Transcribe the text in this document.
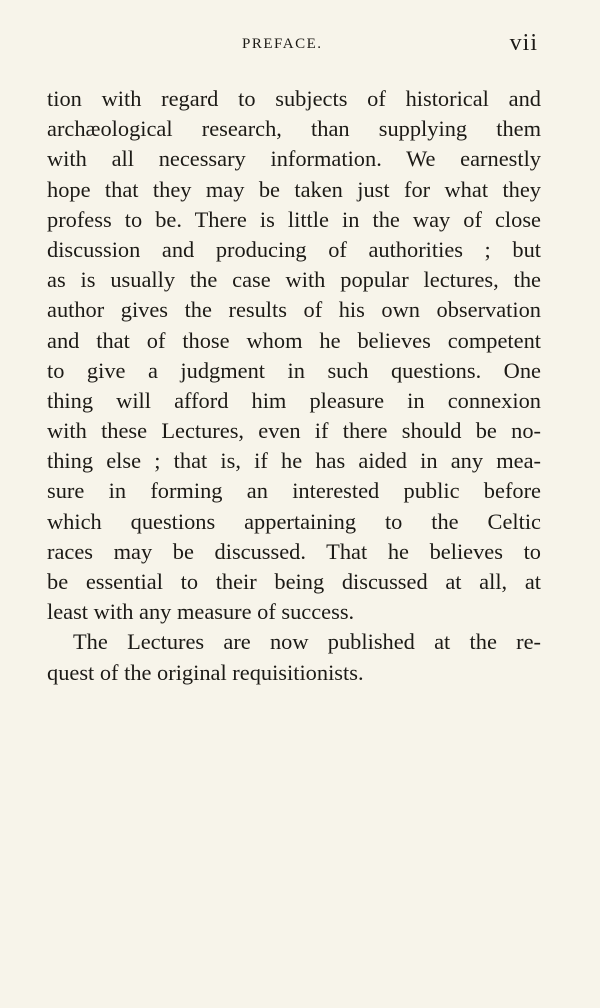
PREFACE.	vii
tion with regard to subjects of historical and
archæological research, than supplying them
with all necessary information. We earnestly
hope that they may be taken just for what they
profess to be. There is little in the way of close
discussion and producing of authorities ; but
as is usually the case with popular lectures, the
author gives the results of his own observation
and that of those whom he believes competent
to give a judgment in such questions. One
thing will afford him pleasure in connexion
with these Lectures, even if there should be no-
thing else ; that is, if he has aided in any mea-
sure in forming an interested public before
which questions appertaining to the Celtic
races may be discussed. That he believes to
be essential to their being discussed at all, at
least with any measure of success.
The Lectures are now published at the re-
quest of the original requisitionists.
